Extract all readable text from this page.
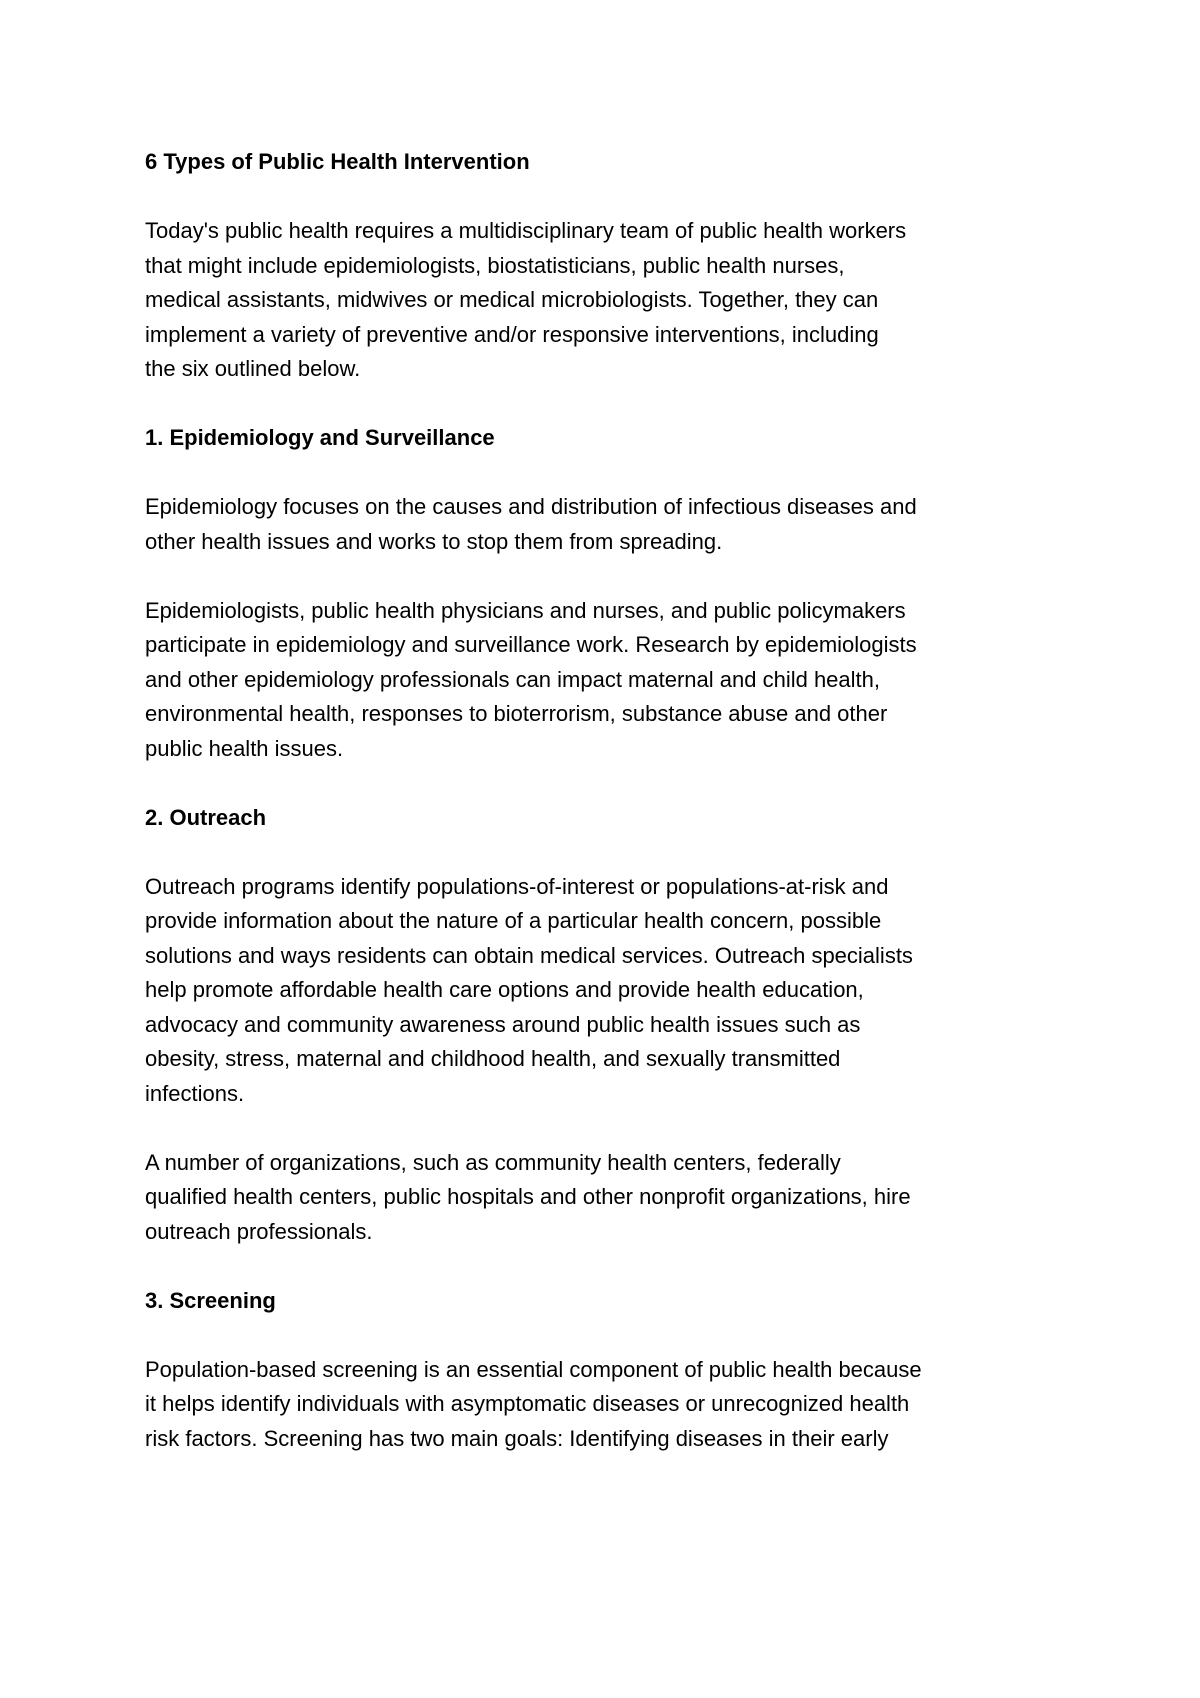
6 Types of Public Health Intervention
Today's public health requires a multidisciplinary team of public health workers
that might include epidemiologists, biostatisticians, public health nurses,
medical assistants, midwives or medical microbiologists. Together, they can
implement a variety of preventive and/or responsive interventions, including
the six outlined below.
1. Epidemiology and Surveillance
Epidemiology focuses on the causes and distribution of infectious diseases and
other health issues and works to stop them from spreading.
Epidemiologists, public health physicians and nurses, and public policymakers
participate in epidemiology and surveillance work. Research by epidemiologists
and other epidemiology professionals can impact maternal and child health,
environmental health, responses to bioterrorism, substance abuse and other
public health issues.
2. Outreach
Outreach programs identify populations-of-interest or populations-at-risk and
provide information about the nature of a particular health concern, possible
solutions and ways residents can obtain medical services. Outreach specialists
help promote affordable health care options and provide health education,
advocacy and community awareness around public health issues such as
obesity, stress, maternal and childhood health, and sexually transmitted
infections.
A number of organizations, such as community health centers, federally
qualified health centers, public hospitals and other nonprofit organizations, hire
outreach professionals.
3. Screening
Population-based screening is an essential component of public health because
it helps identify individuals with asymptomatic diseases or unrecognized health
risk factors. Screening has two main goals: Identifying diseases in their early
